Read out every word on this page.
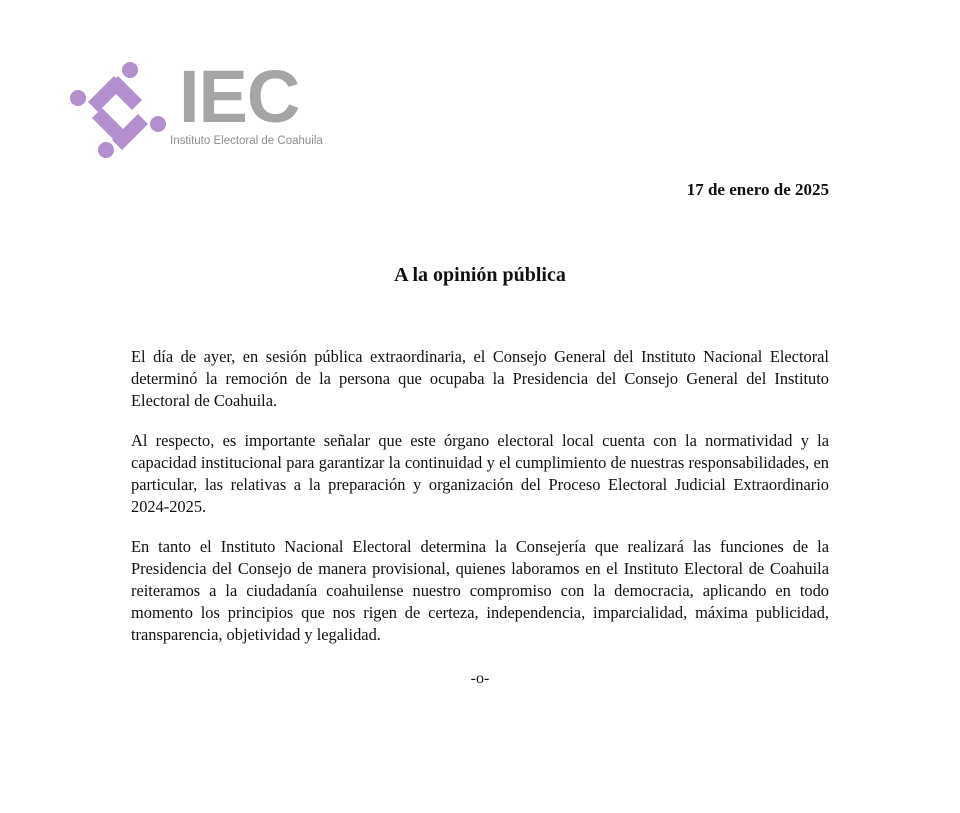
IEC
Instituto Electoral de Coahuila
17 de enero de 2025
A la opinión pública

El día de ayer, en sesión pública extraordinaria, el Consejo General del Instituto Nacional Electoral determinó la remoción de la persona que ocupaba la Presidencia del Consejo General del Instituto Electoral de Coahuila.

Al respecto, es importante señalar que este órgano electoral local cuenta con la normatividad y la capacidad institucional para garantizar la continuidad y el cumplimiento de nuestras responsabilidades, en particular, las relativas a la preparación y organización del Proceso Electoral Judicial Extraordinario 2024-2025.

En tanto el Instituto Nacional Electoral determina la Consejería que realizará las funciones de la Presidencia del Consejo de manera provisional, quienes laboramos en el Instituto Electoral de Coahuila reiteramos a la ciudadanía coahuilense nuestro compromiso con la democracia, aplicando en todo momento los principios que nos rigen de certeza, independencia, imparcialidad, máxima publicidad, transparencia, objetividad y legalidad.

-o-
